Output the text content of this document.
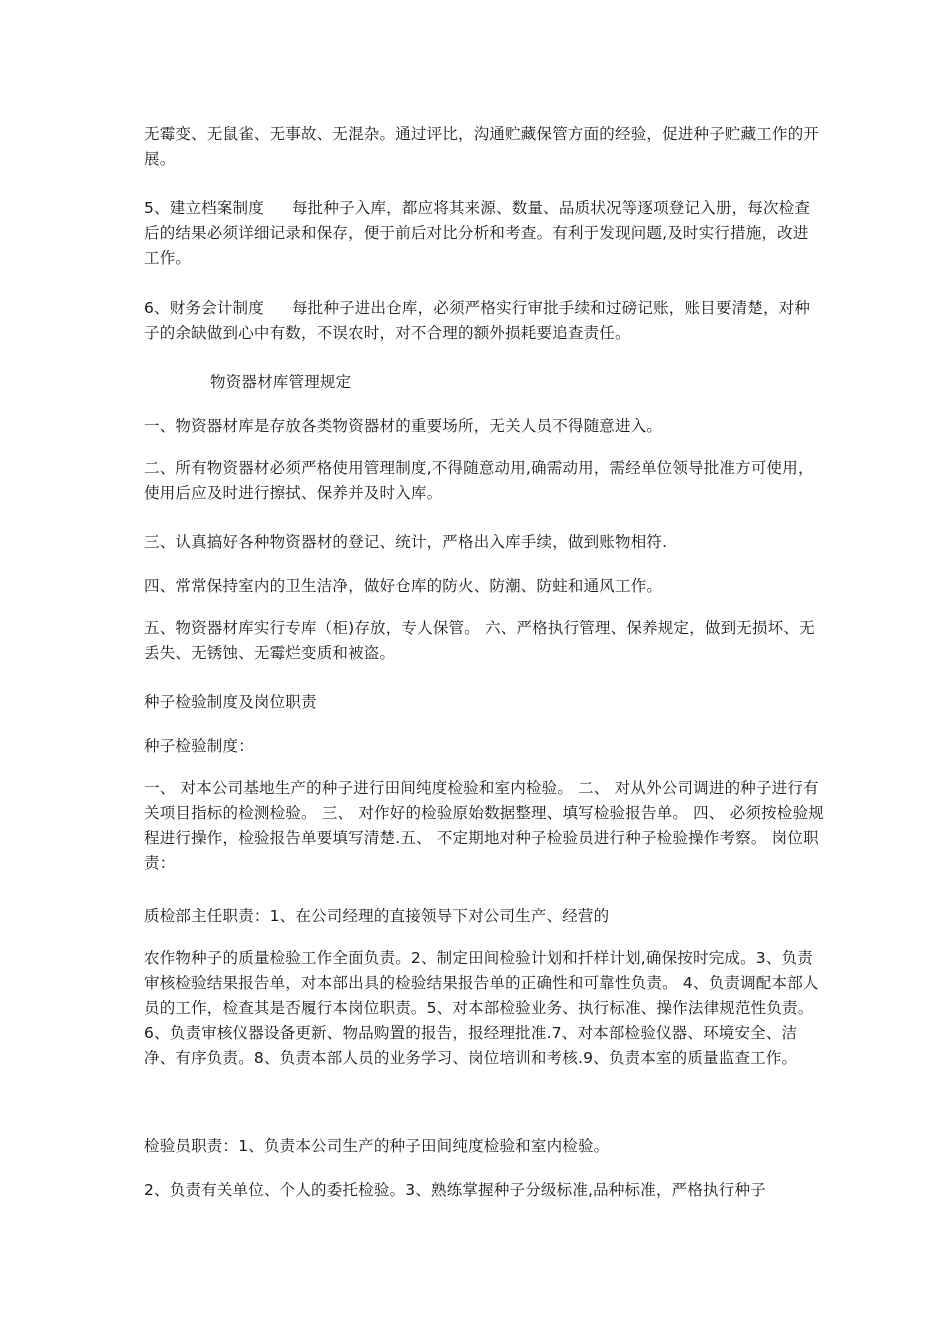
无霉变、无鼠雀、无事故、无混杂。通过评比，沟通贮藏保管方面的经验，促进种子贮藏工作的开展。

5、建立档案制度 每批种子入库，都应将其来源、数量、品质状况等逐项登记入册，每次检查后的结果必须详细记录和保存，便于前后对比分析和考查。有利于发现问题,及时实行措施，改进工作。

6、财务会计制度 每批种子进出仓库，必须严格实行审批手续和过磅记账，账目要清楚，对种子的余缺做到心中有数，不误农时，对不合理的额外损耗要追查责任。

物资器材库管理规定

一、物资器材库是存放各类物资器材的重要场所，无关人员不得随意进入。

二、所有物资器材必须严格使用管理制度,不得随意动用,确需动用，需经单位领导批准方可使用，使用后应及时进行擦拭、保养并及时入库。

三、认真搞好各种物资器材的登记、统计，严格出入库手续，做到账物相符.

四、常常保持室内的卫生洁净，做好仓库的防火、防潮、防蛀和通风工作。

五、物资器材库实行专库（柜)存放，专人保管。 六、严格执行管理、保养规定，做到无损坏、无丢失、无锈蚀、无霉烂变质和被盗。

种子检验制度及岗位职责

种子检验制度：

一、 对本公司基地生产的种子进行田间纯度检验和室内检验。 二、 对从外公司调进的种子进行有关项目指标的检测检验。 三、 对作好的检验原始数据整理、填写检验报告单。 四、 必须按检验规程进行操作，检验报告单要填写清楚.五、 不定期地对种子检验员进行种子检验操作考察。 岗位职责：

质检部主任职责：1、在公司经理的直接领导下对公司生产、经营的

农作物种子的质量检验工作全面负责。2、制定田间检验计划和扦样计划,确保按时完成。3、负责审核检验结果报告单，对本部出具的检验结果报告单的正确性和可靠性负责。 4、负责调配本部人员的工作，检查其是否履行本岗位职责。5、对本部检验业务、执行标准、操作法律规范性负责。6、负责审核仪器设备更新、物品购置的报告，报经理批准.7、对本部检验仪器、环境安全、洁净、有序负责。8、负责本部人员的业务学习、岗位培训和考核.9、负责本室的质量监查工作。

检验员职责：1、负责本公司生产的种子田间纯度检验和室内检验。

2、负责有关单位、个人的委托检验。3、熟练掌握种子分级标准,品种标准，严格执行种子
